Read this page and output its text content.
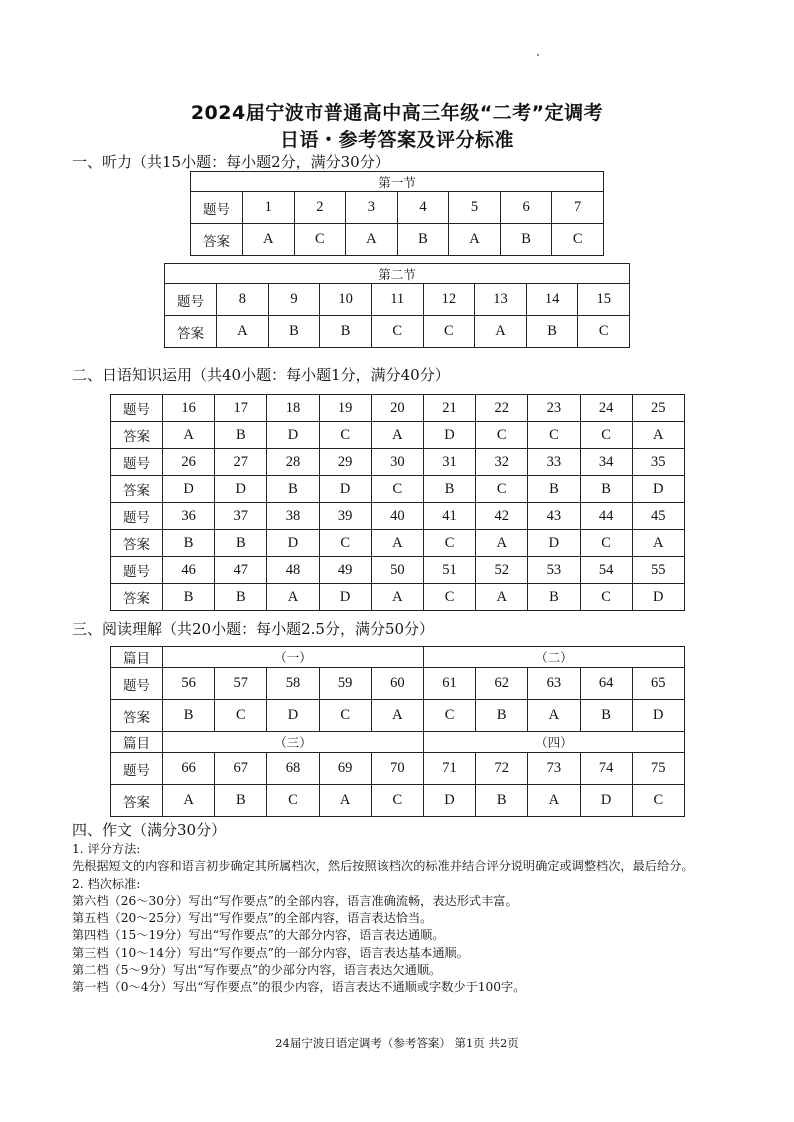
2024届宁波市普通高中高三年级“二考”定调考
日语・参考答案及评分标准
一、听力（共15小题：每小题2分，满分30分）
第一节							
题号	1	2	3	4	5	6	7
答案	A	C	A	B	A	B	C
第二节								
题号	8	9	10	11	12	13	14	15
答案	A	B	B	C	C	A	B	C
二、日语知识运用（共40小题：每小题1分，满分40分）
题号	16	17	18	19	20	21	22	23	24	25
答案	A	B	D	C	A	D	C	C	C	A
题号	26	27	28	29	30	31	32	33	34	35
答案	D	D	B	D	C	B	C	B	B	D
题号	36	37	38	39	40	41	42	43	44	45
答案	B	B	D	C	A	C	A	D	C	A
题号	46	47	48	49	50	51	52	53	54	55
答案	B	B	A	D	A	C	A	B	C	D
三、阅读理解（共20小题：每小题2.5分，满分50分）
篇目	（一）					（二）				
题号	56	57	58	59	60	61	62	63	64	65
答案	B	C	D	C	A	C	B	A	B	D
篇目	（三）					（四）				
题号	66	67	68	69	70	71	72	73	74	75
答案	A	B	C	A	C	D	B	A	D	C
四、作文（满分30分）

1. 评分方法:

先根据短文的内容和语言初步确定其所属档次，然后按照该档次的标准并结合评分说明确定或调整档次，最后给分。

2. 档次标准:

第六档（26～30分）写出“写作要点”的全部内容，语言准确流畅，表达形式丰富。

第五档（20～25分）写出“写作要点”的全部内容，语言表达恰当。

第四档（15～19分）写出“写作要点”的大部分内容，语言表达通顺。

第三档（10～14分）写出“写作要点”的一部分内容，语言表达基本通顺。

第二档（5～9分）写出“写作要点”的少部分内容，语言表达欠通顺。

第一档（0～4分）写出“写作要点”的很少内容，语言表达不通顺或字数少于100字。

24届宁波日语定调考（参考答案） 第1页 共2页
